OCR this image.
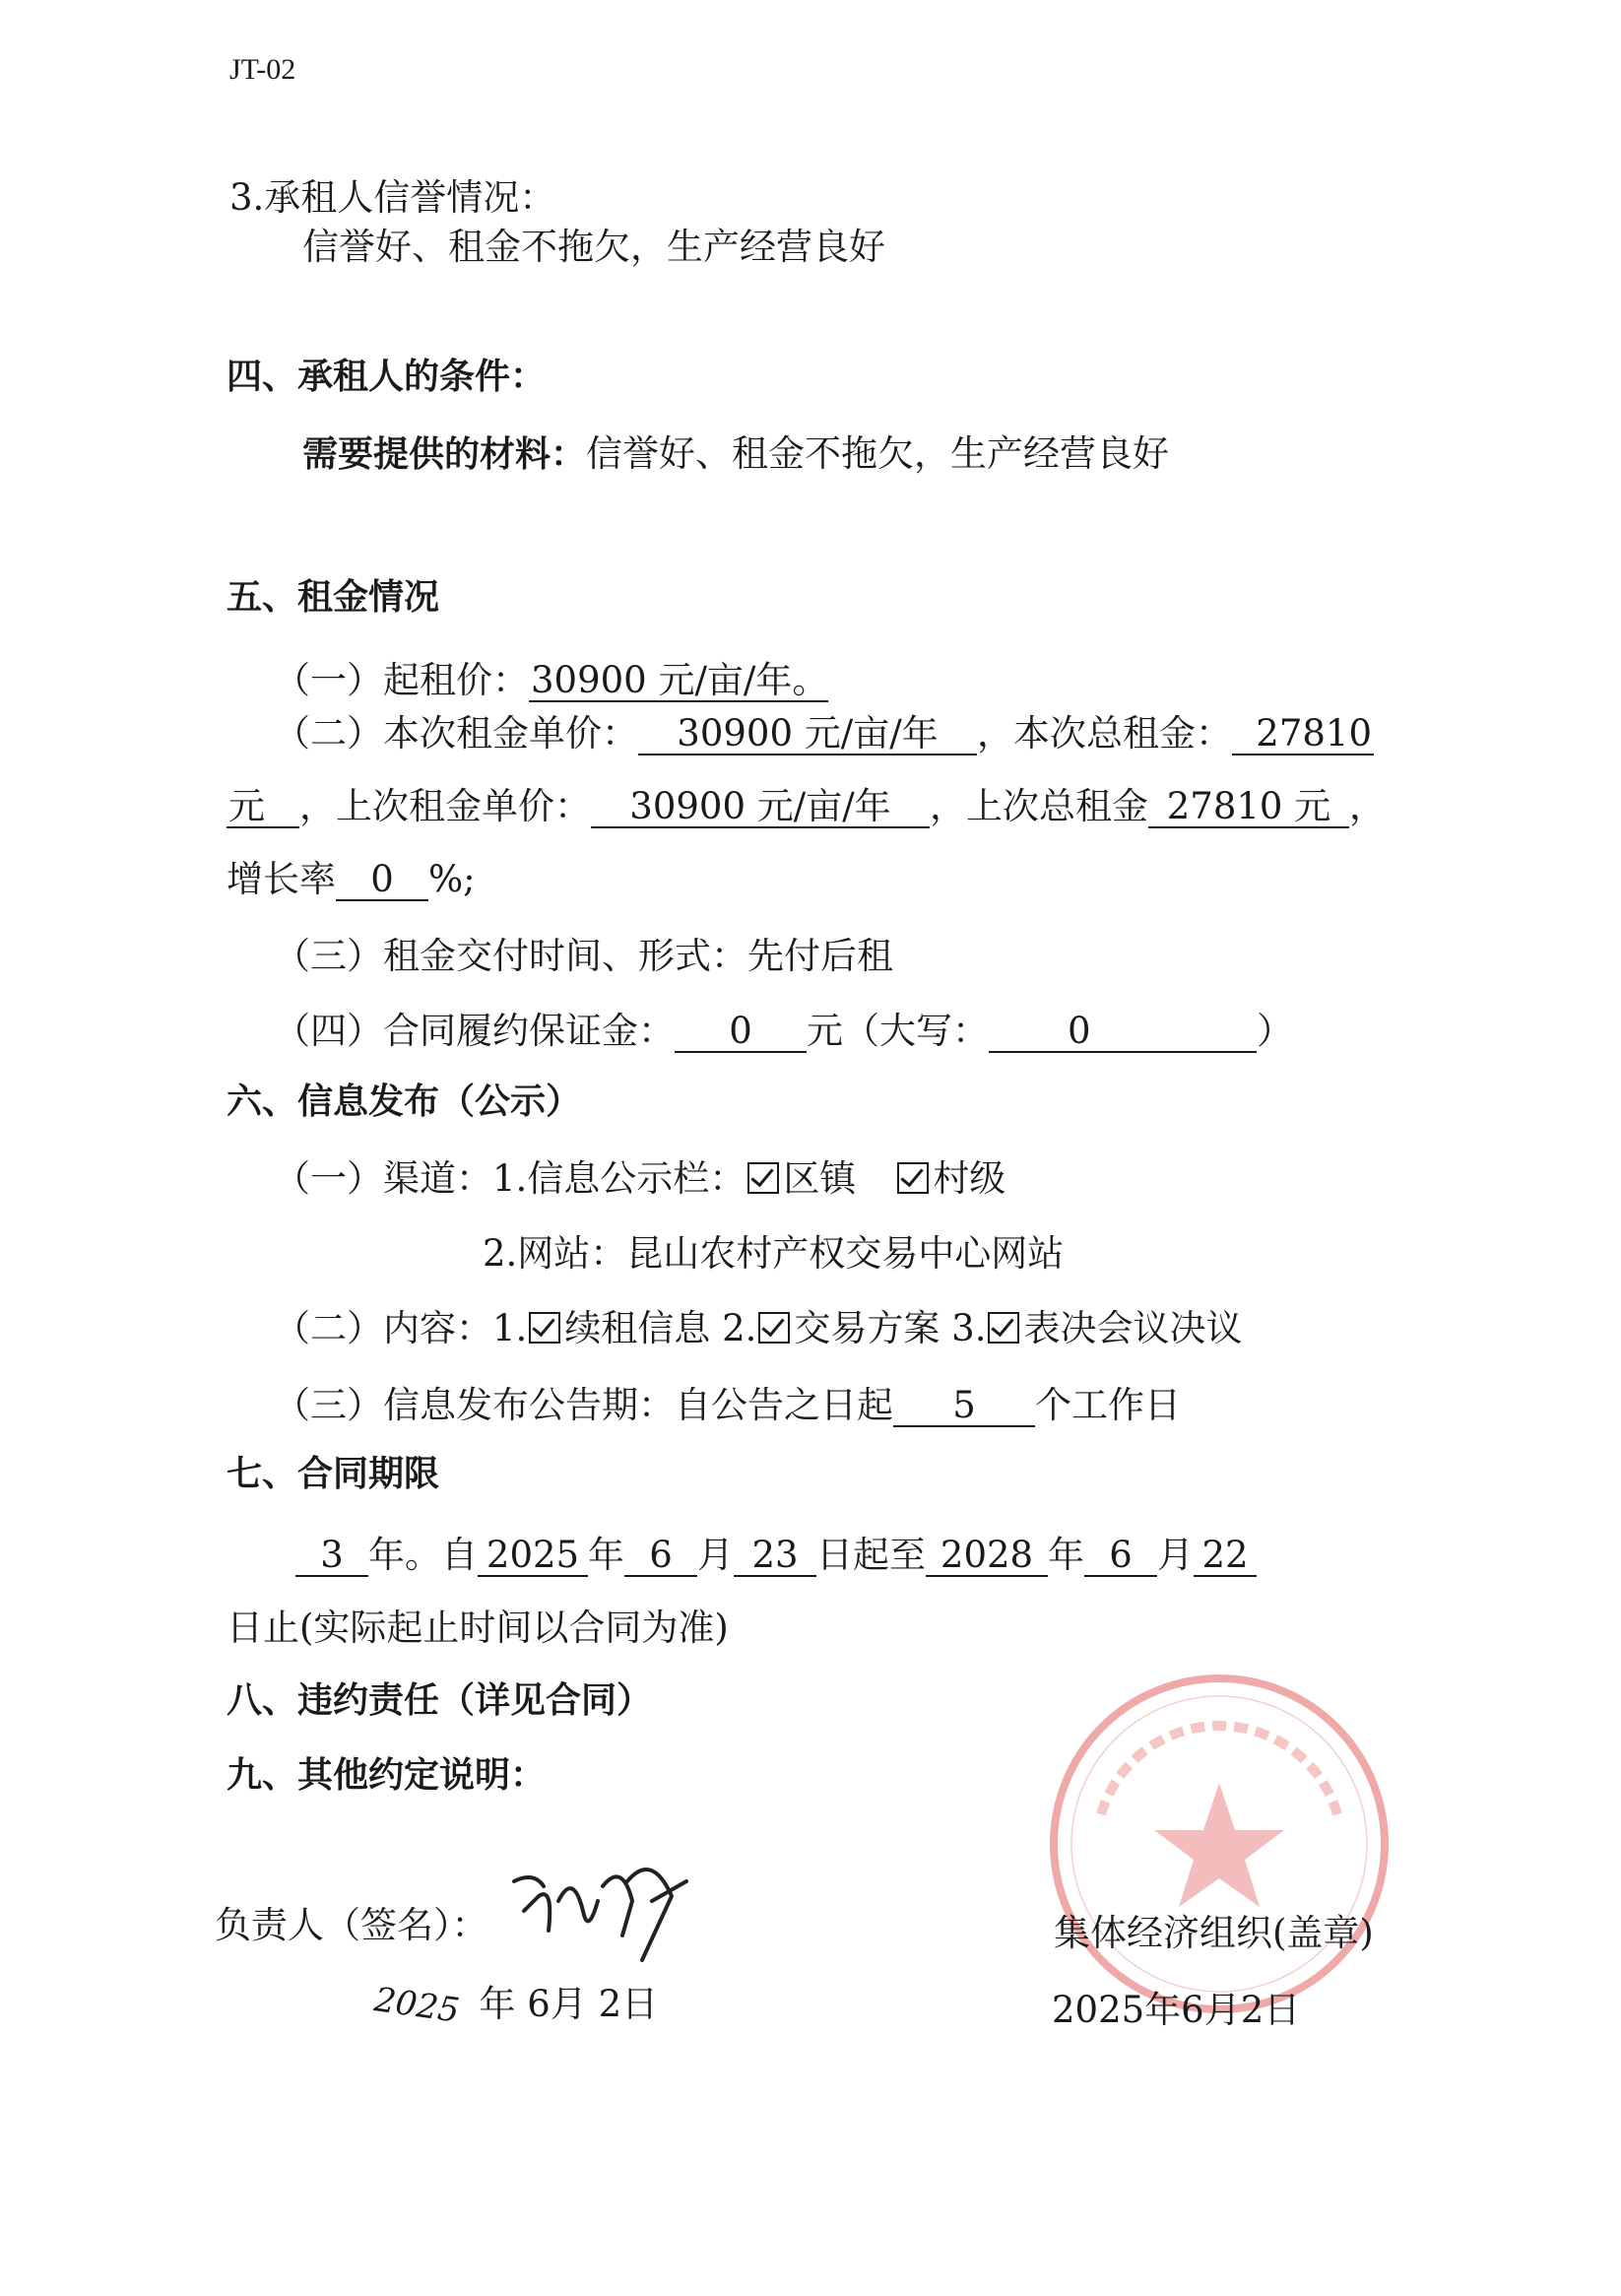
JT-02
3.承租人信誉情况：
信誉好、租金不拖欠，生产经营良好
四、承租人的条件：
需要提供的材料：信誉好、租金不拖欠，生产经营良好
五、租金情况
（一）起租价：30900 元/亩/年。
（二）本次租金单价： 30900 元/亩/年 ，本次总租金： 27810
元 ，上次租金单价： 30900 元/亩/年 ，上次总租金 27810 元 ，
增长率 0 %;
（三）租金交付时间、形式：先付后租
（四）合同履约保证金： 0 元（大写： 0	）
六、信息发布（公示）
（一）渠道：1.信息公示栏： 区镇 村级
2.网站：昆山农村产权交易中心网站
（二）内容：1. 续租信息 2. 交易方案 3. 表决会议决议
（三）信息发布公告期：自公告之日起 5 个工作日
七、合同期限
3 年。自 2025 年 6 月 23 日起至 2028 年 6 月 22
日止(实际起止时间以合同为准)
八、违约责任（详见合同）
九、其他约定说明：
负责人（签名）：	集体经济组织(盖章)
2025 年 6月 2日	2025年6月2日
